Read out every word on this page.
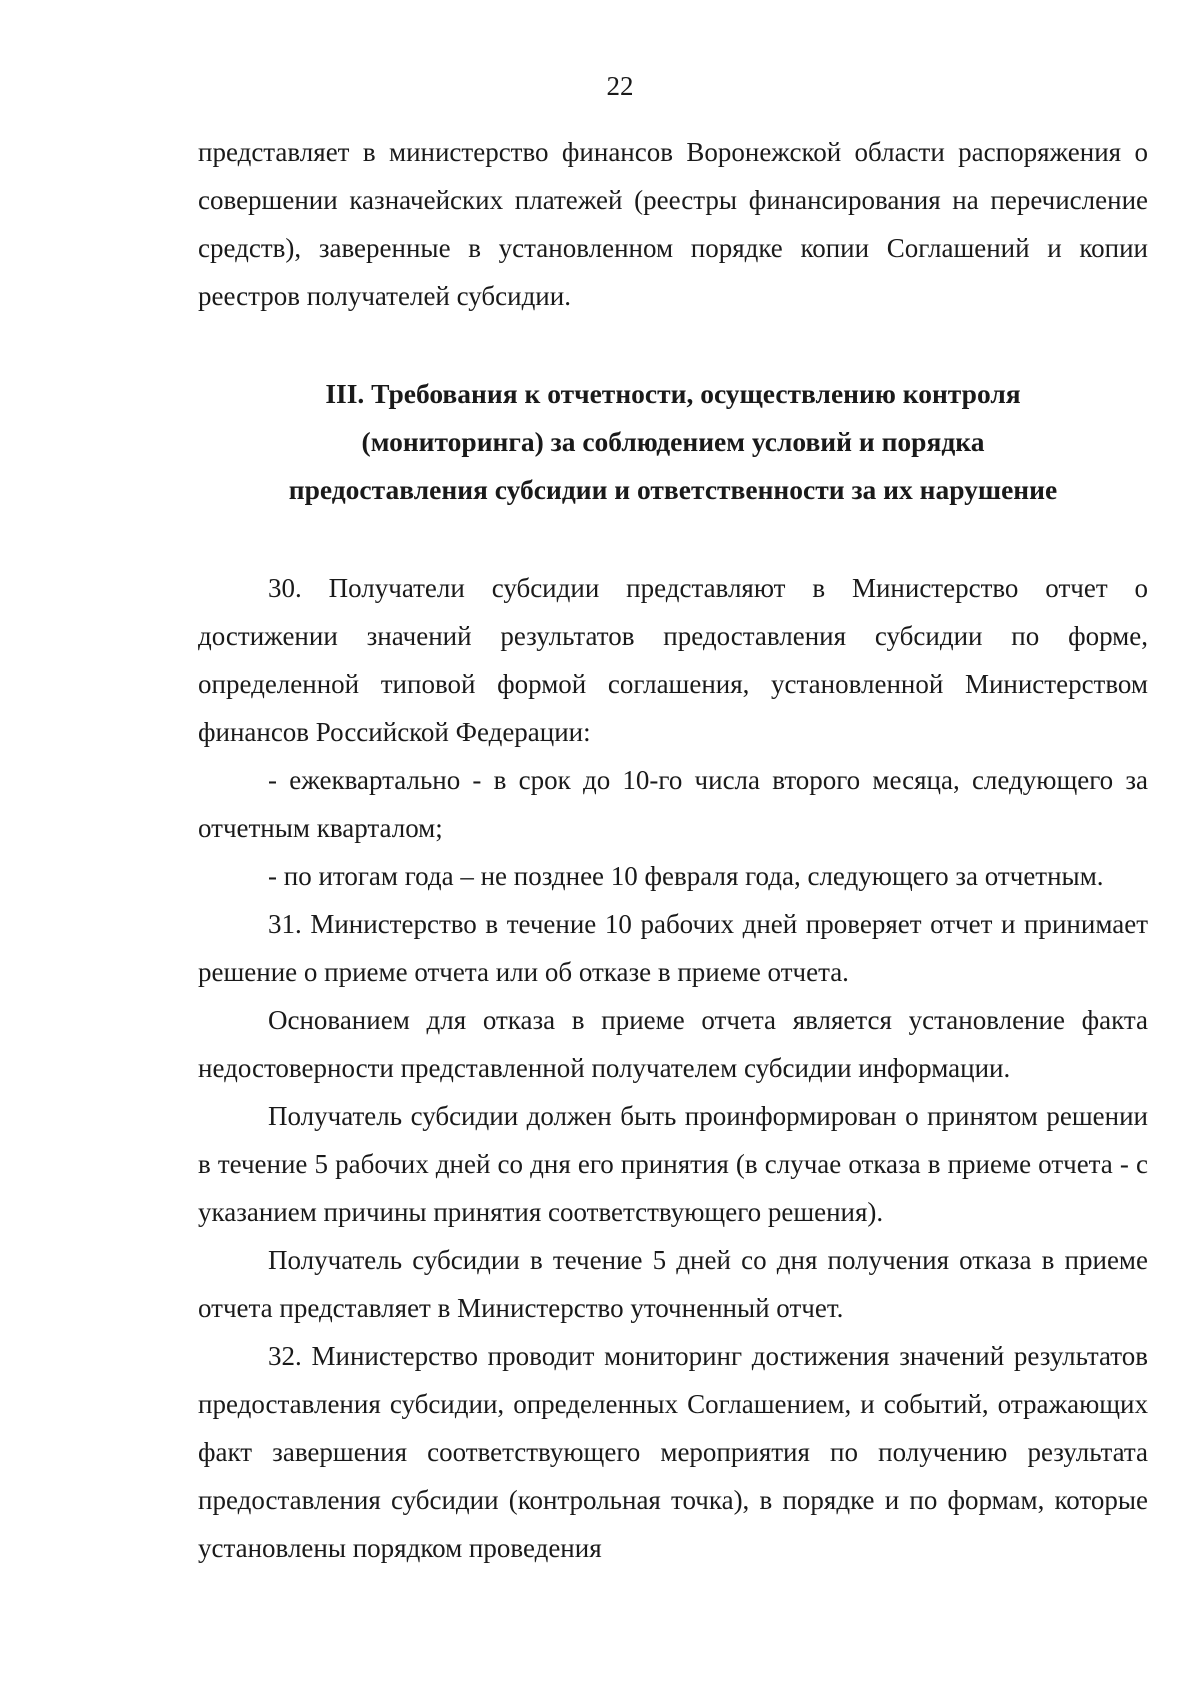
22

представляет в министерство финансов Воронежской области распоряжения о совершении казначейских платежей (реестры финансирования на перечисление средств), заверенные в установленном порядке копии Соглашений и копии реестров получателей субсидии.

III. Требования к отчетности, осуществлению контроля
(мониторинга) за соблюдением условий и порядка
предоставления субсидии и ответственности за их нарушение

30. Получатели субсидии представляют в Министерство отчет о достижении значений результатов предоставления субсидии по форме, определенной типовой формой соглашения, установленной Министерством финансов Российской Федерации:

- ежеквартально - в срок до 10-го числа второго месяца, следующего за отчетным кварталом;

- по итогам года – не позднее 10 февраля года, следующего за отчетным.

31. Министерство в течение 10 рабочих дней проверяет отчет и принимает решение о приеме отчета или об отказе в приеме отчета.

Основанием для отказа в приеме отчета является установление факта недостоверности представленной получателем субсидии информации.

Получатель субсидии должен быть проинформирован о принятом решении в течение 5 рабочих дней со дня его принятия (в случае отказа в приеме отчета - с указанием причины принятия соответствующего решения).

Получатель субсидии в течение 5 дней со дня получения отказа в приеме отчета представляет в Министерство уточненный отчет.

32. Министерство проводит мониторинг достижения значений результатов предоставления субсидии, определенных Соглашением, и событий, отражающих факт завершения соответствующего мероприятия по получению результата предоставления субсидии (контрольная точка), в порядке и по формам, которые установлены порядком проведения
